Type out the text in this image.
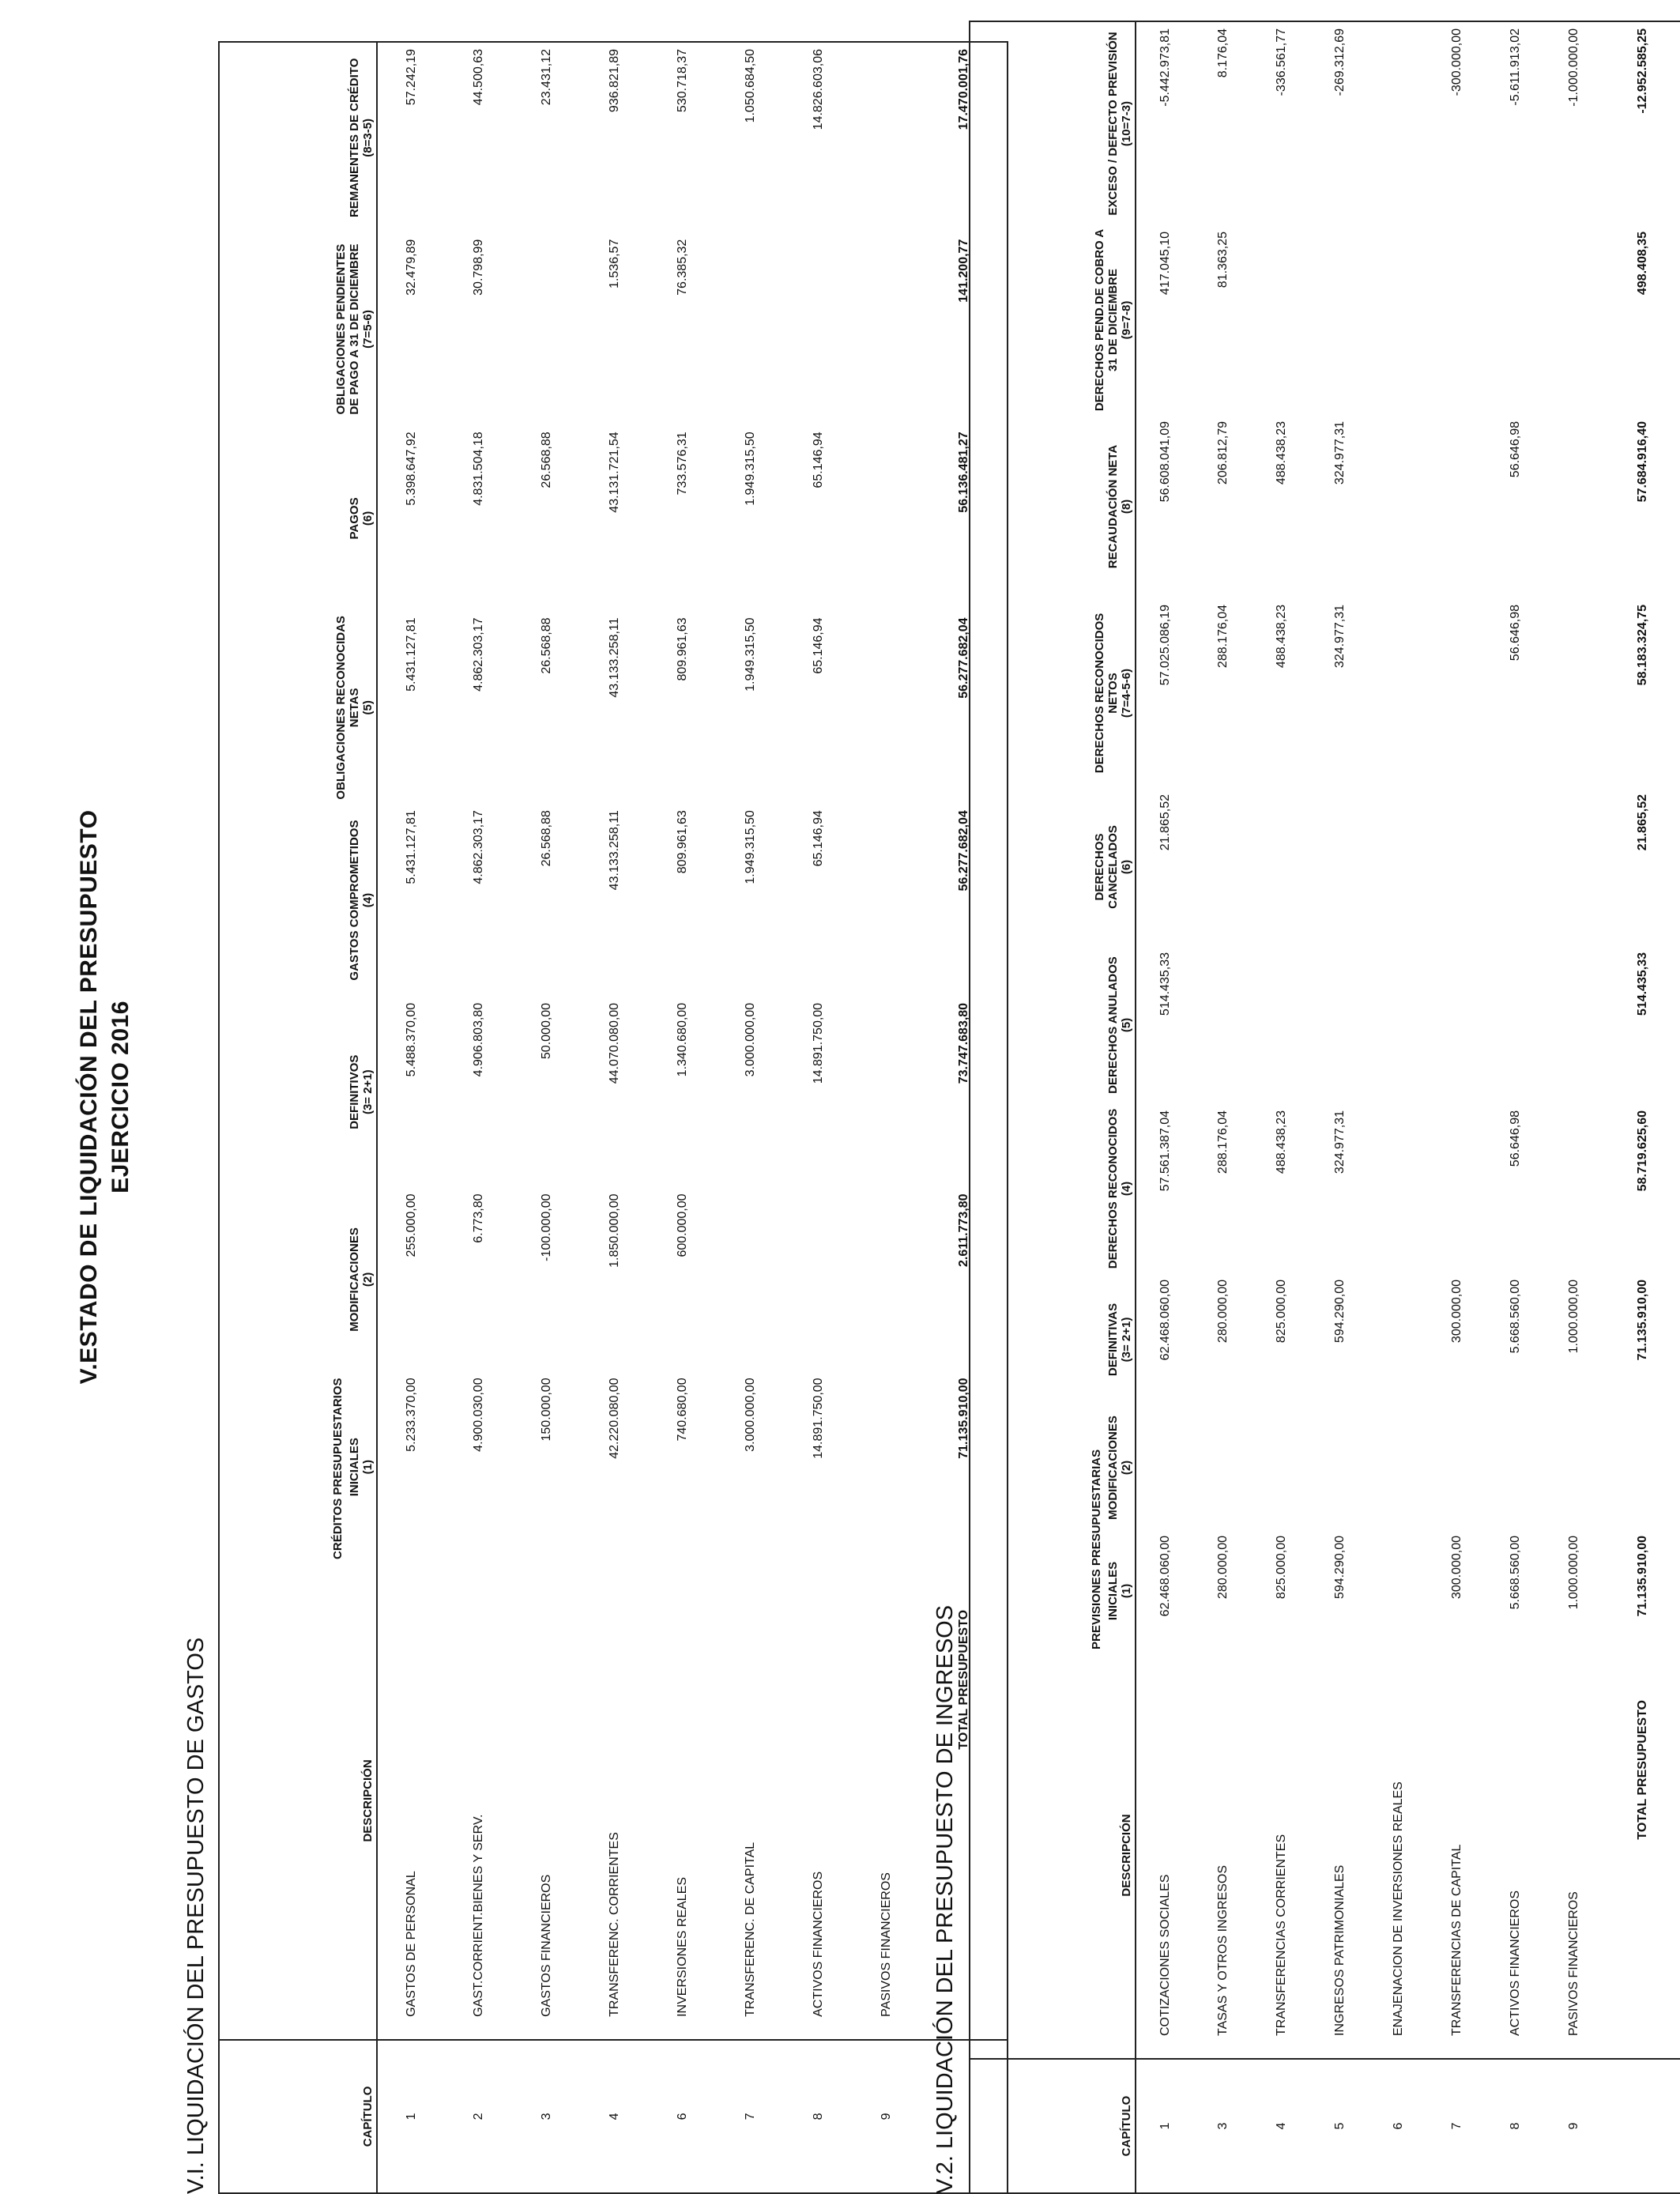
V.ESTADO DE LIQUIDACIÓN DEL PRESUPUESTO EJERCICIO 2016
V.I. LIQUIDACIÓN DEL PRESUPUESTO DE GASTOS	CAPÍTULO	DESCRIPCIÓN	CRÉDITOS PRESUPUESTARIOS INICIALES (1)	MODIFICACIONES (2)	DEFINITIVOS (3= 2+1)	GASTOS COMPROMETIDOS (4)	OBLIGACIONES RECONOCIDAS NETAS (5)	PAGOS (6)	OBLIGACIONES PENDIENTES DE PAGO A 31 DE DICIEMBRE (7=5-6)	REMANENTES DE CRÉDITO (8=3-5)

1	GASTOS DE PERSONAL	5.233.370,00	255.000,00	5.488.370,00	5.431.127,81	5.431.127,81	5.398.647,92	32.479,89	57.242,19
2	GAST.CORRIENT.BIENES Y SERV.	4.900.030,00	6.773,80	4.906.803,80	4.862.303,17	4.862.303,17	4.831.504,18	30.798,99	44.500,63
3	GASTOS FINANCIEROS	150.000,00	-100.000,00	50.000,00	26.568,88	26.568,88	26.568,88		23.431,12
4	TRANSFERENC. CORRIENTES	42.220.080,00	1.850.000,00	44.070.080,00	43.133.258,11	43.133.258,11	43.131.721,54	1.536,57	936.821,89
6	INVERSIONES REALES	740.680,00	600.000,00	1.340.680,00	809.961,63	809.961,63	733.576,31	76.385,32	530.718,37
7	TRANSFERENC. DE CAPITAL	3.000.000,00		3.000.000,00	1.949.315,50	1.949.315,50	1.949.315,50		1.050.684,50
8	ACTIVOS FINANCIEROS	14.891.750,00		14.891.750,00	65.146,94	65.146,94	65.146,94		14.826.603,06
9	PASIVOS FINANCIEROS								
	TOTAL PRESUPUESTO	71.135.910,00	2.611.773,80	73.747.683,80	56.277.682,04	56.277.682,04	56.136.481,27	141.200,77	17.470.001,76
V.2. LIQUIDACIÓN DEL PRESUPUESTO DE INGRESOS	CAPÍTULO	DESCRIPCIÓN	PREVISIONES PRESUPUESTARIAS INICIALES (1)	MODIFICACIONES (2)	DEFINITIVAS (3= 2+1)	DERECHOS RECONOCIDOS (4)	DERECHOS ANULADOS (5)	DERECHOS CANCELADOS (6)	DERECHOS RECONOCIDOS NETOS (7=4-5-6)	RECAUDACIÓN NETA (8)	DERECHOS PEND.DE COBRO A 31 DE DICIEMBRE (9=7-8)	EXCESO / DEFECTO PREVISIÓN (10=7-3)

1	COTIZACIONES SOCIALES	62.468.060,00		62.468.060,00	57.561.387,04	514.435,33	21.865,52	57.025.086,19	56.608.041,09	417.045,10	-5.442.973,81
3	TASAS Y OTROS INGRESOS	280.000,00		280.000,00	288.176,04			288.176,04	206.812,79	81.363,25	8.176,04
4	TRANSFERENCIAS CORRIENTES	825.000,00		825.000,00	488.438,23			488.438,23	488.438,23		-336.561,77
5	INGRESOS PATRIMONIALES	594.290,00		594.290,00	324.977,31			324.977,31	324.977,31		-269.312,69
6	ENAJENACION DE INVERSIONES REALES										
7	TRANSFERENCIAS DE CAPITAL	300.000,00		300.000,00							-300.000,00
8	ACTIVOS FINANCIEROS	5.668.560,00		5.668.560,00	56.646,98			56.646,98	56.646,98		-5.611.913,02
9	PASIVOS FINANCIEROS	1.000.000,00		1.000.000,00							-1.000.000,00
	TOTAL PRESUPUESTO	71.135.910,00		71.135.910,00	58.719.625,60	514.435,33	21.865,52	58.183.324,75	57.684.916,40	498.408,35	-12.952.585,25
